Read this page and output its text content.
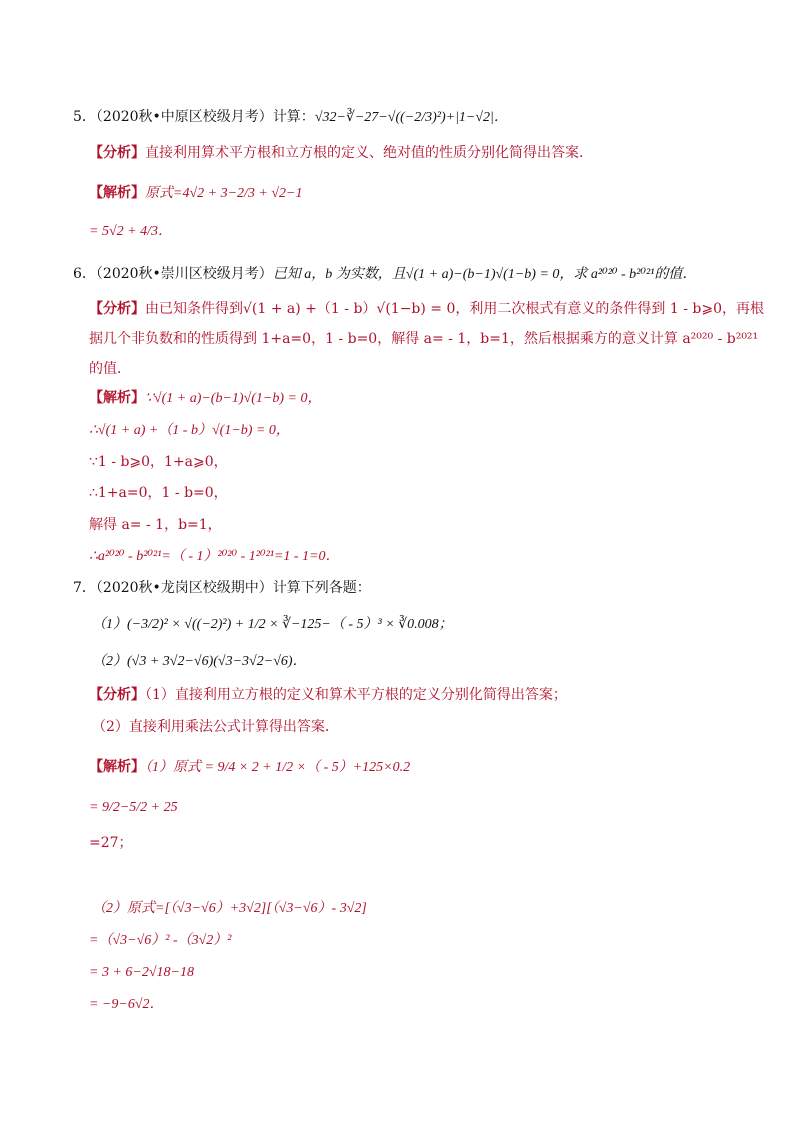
5．（2020秋•中原区校级月考）计算：√32−∛−27−√((−2/3)²)+|1−√2|．
【分析】直接利用算术平方根和立方根的定义、绝对值的性质分别化简得出答案．
【解析】原式=4√2 + 3−2/3 + √2−1
= 5√2 + 4/3．
6．（2020秋•崇川区校级月考）已知 a，b 为实数，且√(1 + a)−(b−1)√(1−b) = 0，求 a²⁰²⁰ - b²⁰²¹的值．
【分析】由已知条件得到√(1 + a) +（1 - b）√(1−b) = 0，利用二次根式有意义的条件得到 1 - b⩾0，再根
据几个非负数和的性质得到 1+a=0，1 - b=0，解得 a= - 1，b=1，然后根据乘方的意义计算 a²⁰²⁰ - b²⁰²¹
的值．
【解析】∵√(1 + a)−(b−1)√(1−b) = 0，
∴√(1 + a) +（1 - b）√(1−b) = 0，
∵1 - b⩾0，1+a⩾0，
∴1+a=0，1 - b=0，
解得 a= - 1，b=1，
∴a²⁰²⁰ - b²⁰²¹=（ - 1）²⁰²⁰ - 1²⁰²¹=1 - 1=0．
7．（2020秋•龙岗区校级期中）计算下列各题：
（1）(−3/2)² × √((−2)²) + 1/2 × ∛−125−（ - 5）³ × ∛0.008；
（2）(√3 + 3√2−√6)(√3−3√2−√6)．
【分析】（1）直接利用立方根的定义和算术平方根的定义分别化简得出答案；
（2）直接利用乘法公式计算得出答案．
【解析】（1）原式 = 9/4 × 2 + 1/2 ×（ - 5）+125×0.2
= 9/2−5/2 + 25
=27；
（2）原式=[（√3−√6）+3√2][（√3−√6）- 3√2]
=（√3−√6）² -（3√2）²
= 3 + 6−2√18−18
= −9−6√2．
